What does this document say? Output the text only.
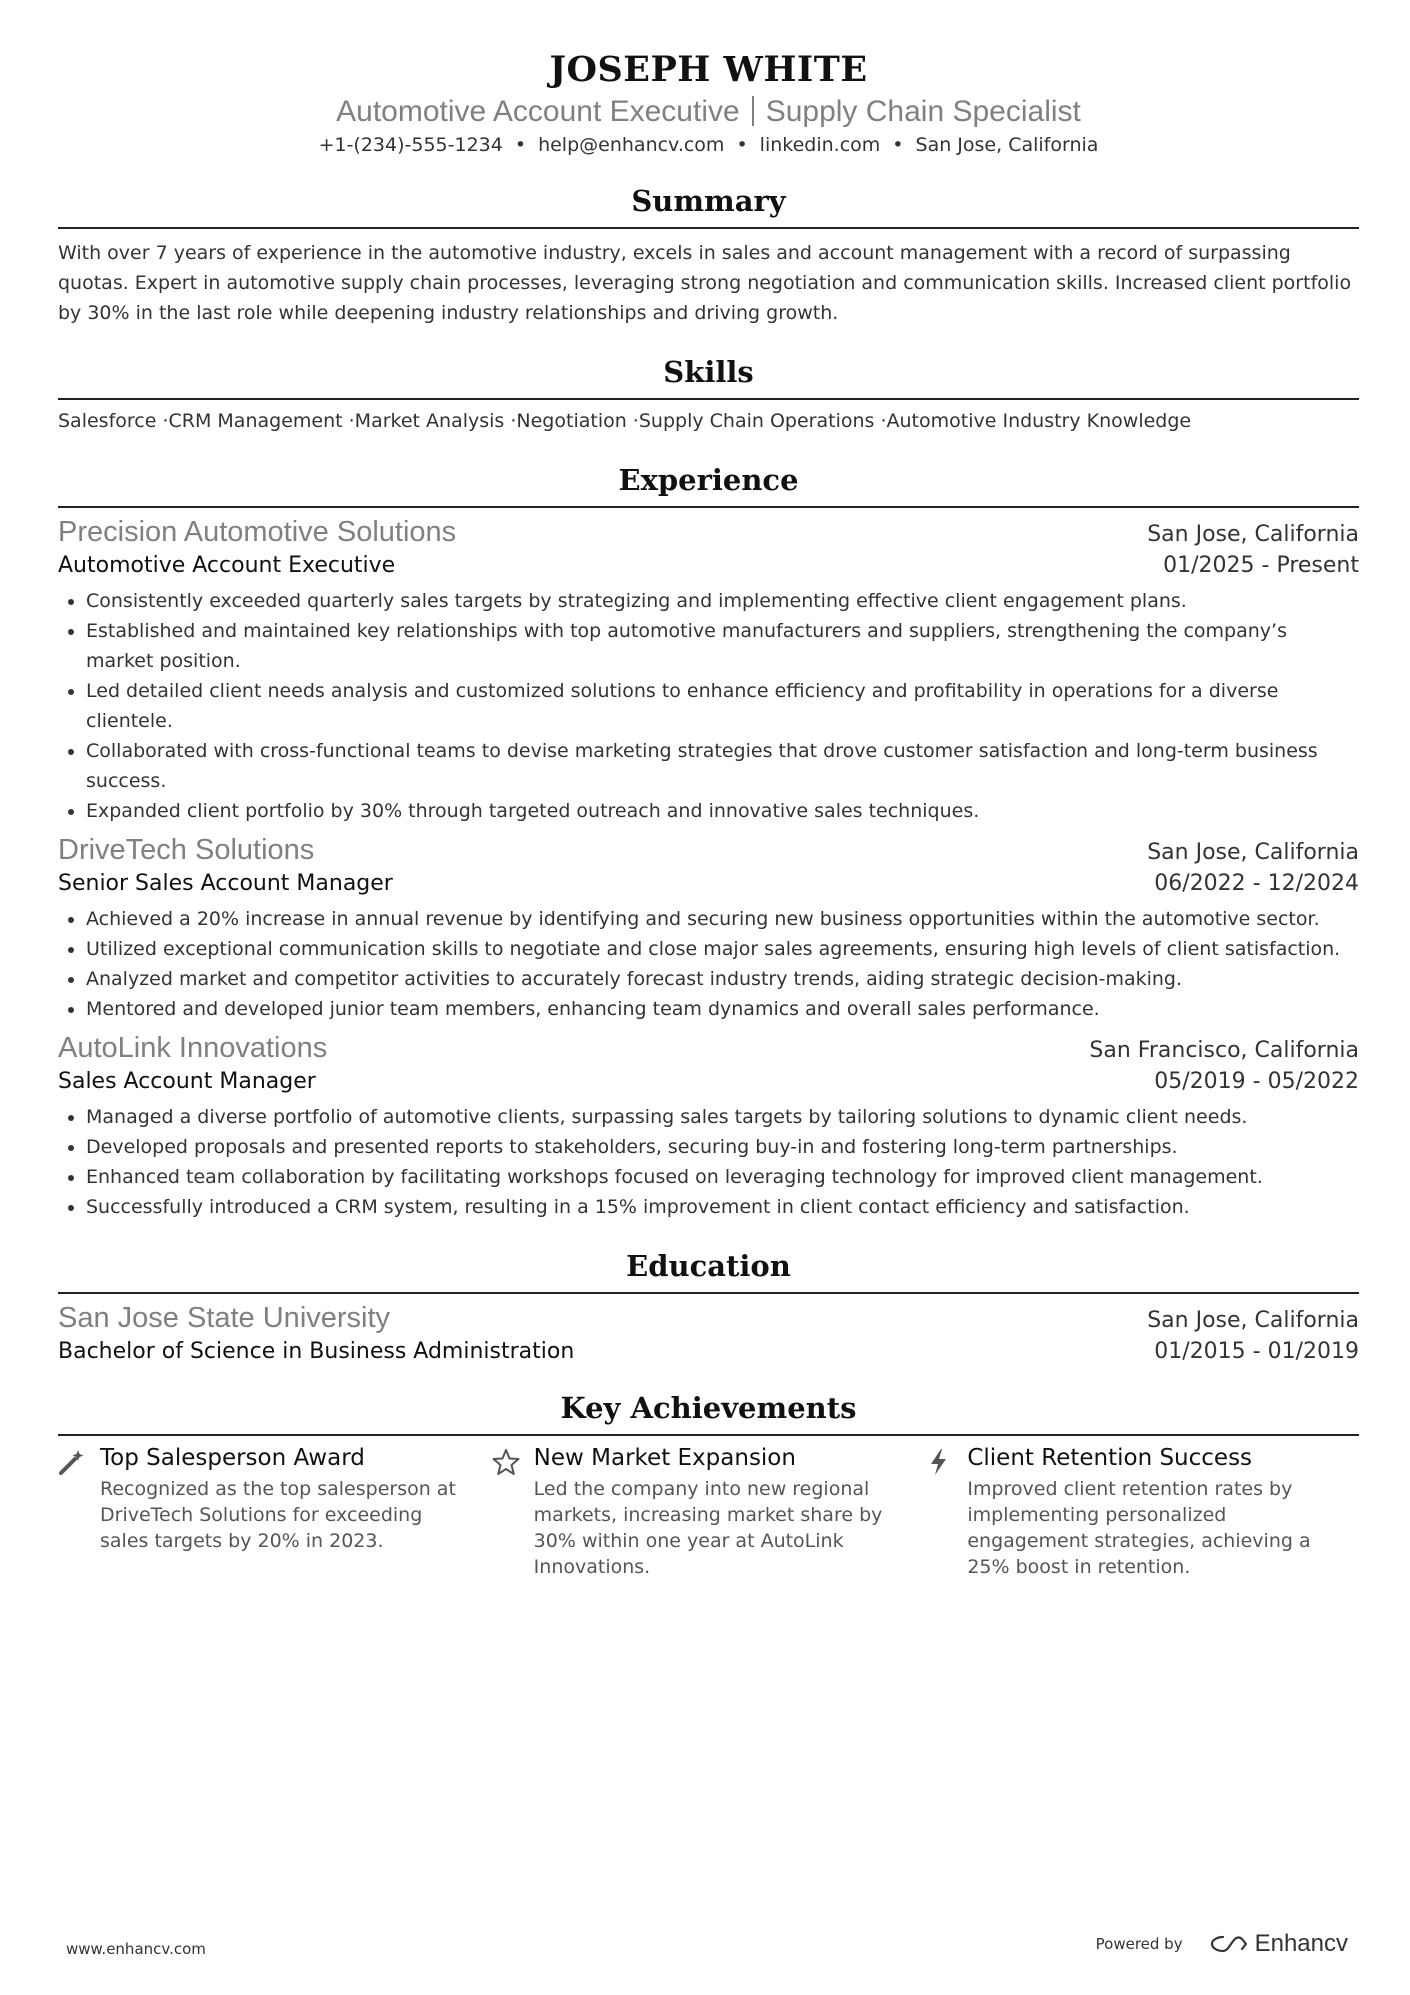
JOSEPH WHITE
Automotive Account Executive Supply Chain Specialist
+1-(234)-555-1234 • help@enhancv.com • linkedin.com • San Jose, California
Summary
With over 7 years of experience in the automotive industry, excels in sales and account management with a record of surpassing quotas. Expert in automotive supply chain processes, leveraging strong negotiation and communication skills. Increased client portfolio by 30% in the last role while deepening industry relationships and driving growth.
Skills
Salesforce · CRM Management · Market Analysis · Negotiation · Supply Chain Operations · Automotive Industry Knowledge
Experience
Precision Automotive Solutions	San Jose, California
Automotive Account Executive	01/2025 - Present
• Consistently exceeded quarterly sales targets by strategizing and implementing effective client engagement plans.
• Established and maintained key relationships with top automotive manufacturers and suppliers, strengthening the company’s market position.
• Led detailed client needs analysis and customized solutions to enhance efficiency and profitability in operations for a diverse clientele.
• Collaborated with cross-functional teams to devise marketing strategies that drove customer satisfaction and long-term business success.
• Expanded client portfolio by 30% through targeted outreach and innovative sales techniques.
DriveTech Solutions	San Jose, California
Senior Sales Account Manager	06/2022 - 12/2024
• Achieved a 20% increase in annual revenue by identifying and securing new business opportunities within the automotive sector.
• Utilized exceptional communication skills to negotiate and close major sales agreements, ensuring high levels of client satisfaction.
• Analyzed market and competitor activities to accurately forecast industry trends, aiding strategic decision-making.
• Mentored and developed junior team members, enhancing team dynamics and overall sales performance.
AutoLink Innovations	San Francisco, California
Sales Account Manager	05/2019 - 05/2022
• Managed a diverse portfolio of automotive clients, surpassing sales targets by tailoring solutions to dynamic client needs.
• Developed proposals and presented reports to stakeholders, securing buy-in and fostering long-term partnerships.
• Enhanced team collaboration by facilitating workshops focused on leveraging technology for improved client management.
• Successfully introduced a CRM system, resulting in a 15% improvement in client contact efficiency and satisfaction.
Education
San Jose State University	San Jose, California
Bachelor of Science in Business Administration	01/2015 - 01/2019
Key Achievements
Top Salesperson Award
Recognized as the top salesperson at DriveTech Solutions for exceeding sales targets by 20% in 2023.
New Market Expansion
Led the company into new regional markets, increasing market share by 30% within one year at AutoLink Innovations.
Client Retention Success
Improved client retention rates by implementing personalized engagement strategies, achieving a 25% boost in retention.
www.enhancv.com	Powered by	Enhancv
